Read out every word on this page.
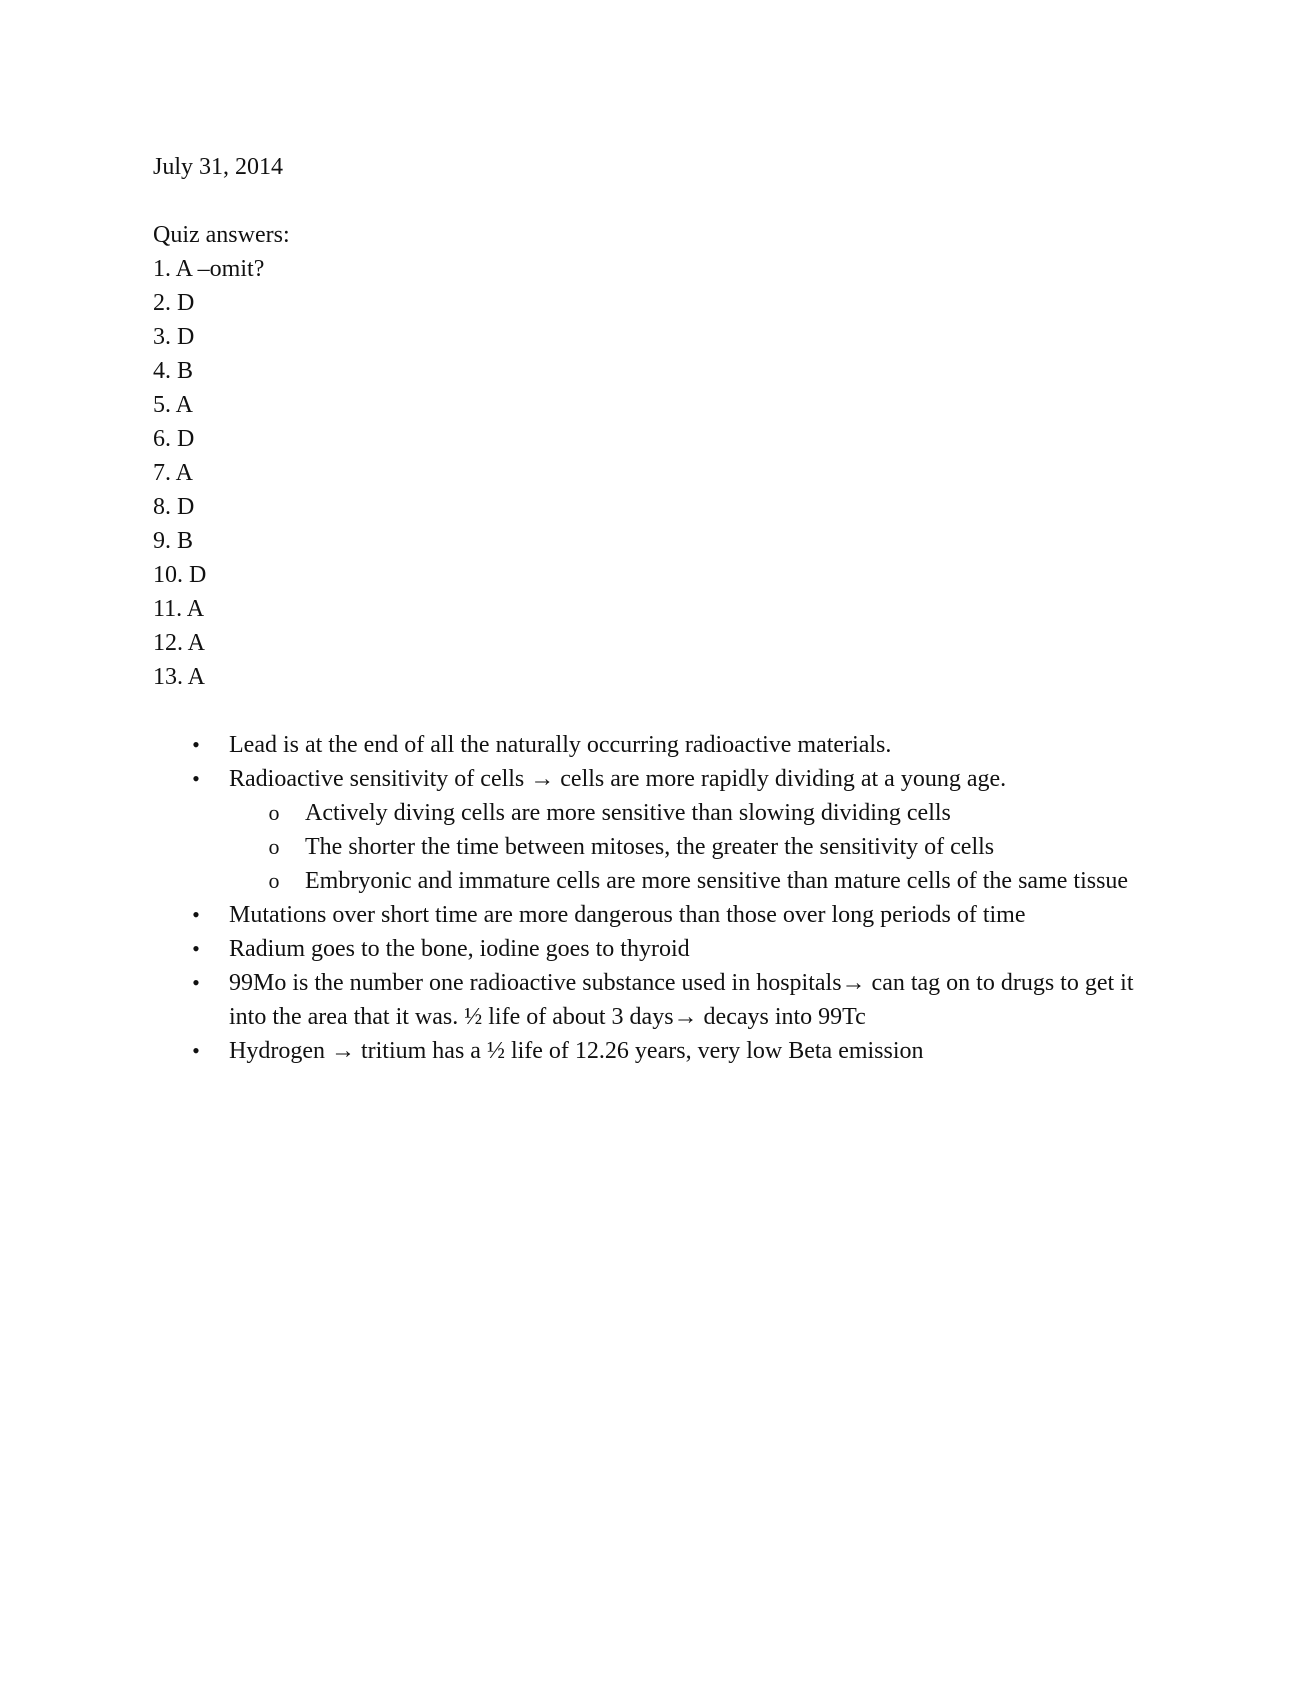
July 31, 2014

Quiz answers:

1. A –omit?
2. D
3. D
4. B
5. A
6. D
7. A
8. D
9. B
10. D
11. A
12. A
13. A
• Lead is at the end of all the naturally occurring radioactive materials.
• Radioactive sensitivity of cells → cells are more rapidly dividing at a young age.
o Actively diving cells are more sensitive than slowing dividing cells
o The shorter the time between mitoses, the greater the sensitivity of cells
o Embryonic and immature cells are more sensitive than mature cells of the same tissue
• Mutations over short time are more dangerous than those over long periods of time
• Radium goes to the bone, iodine goes to thyroid
• 99Mo is the number one radioactive substance used in hospitals→ can tag on to drugs to get it into the area that it was. ½ life of about 3 days→ decays into 99Tc
• Hydrogen → tritium has a ½ life of 12.26 years, very low Beta emission
